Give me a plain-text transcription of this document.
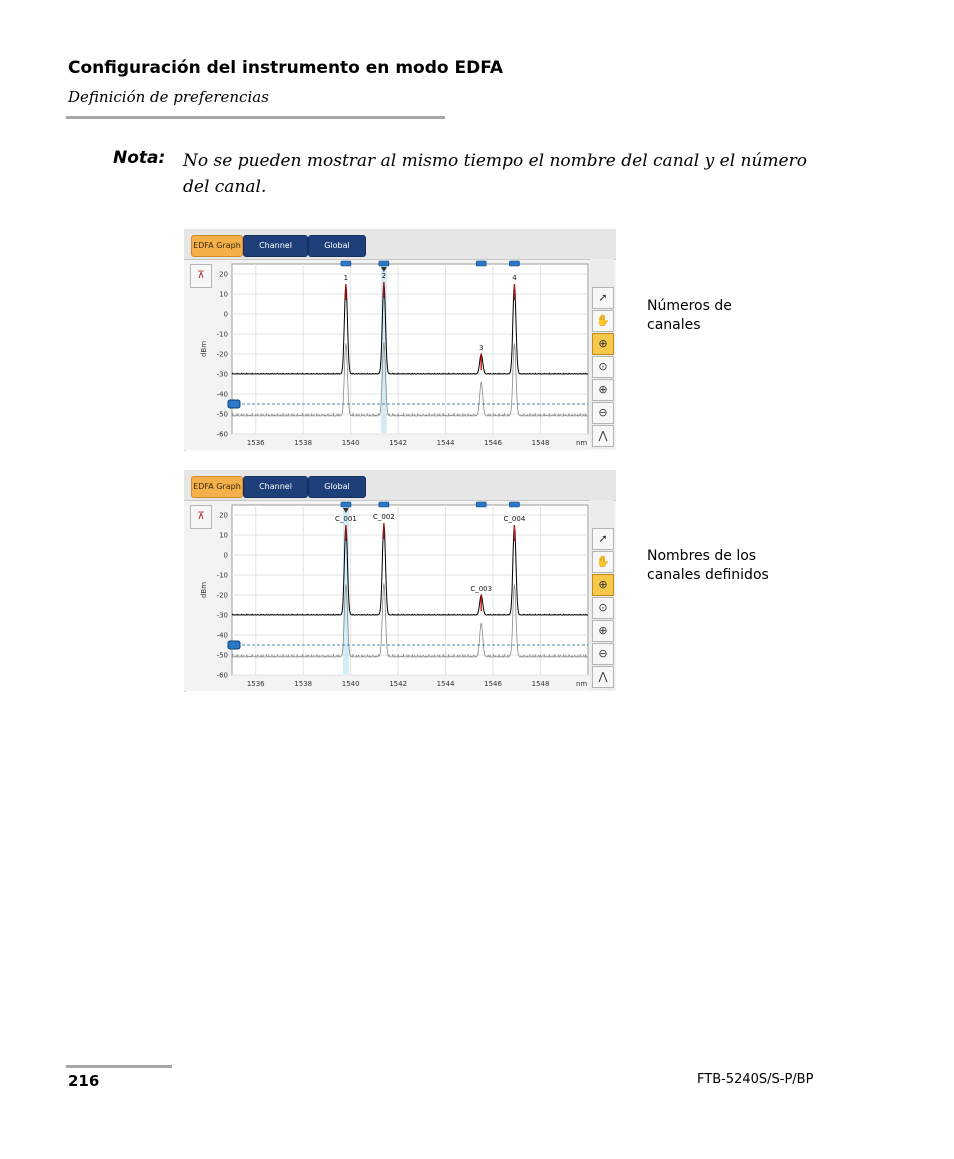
Configuración del instrumento en modo EDFA
Definición de preferencias
Nota: No se pueden mostrar al mismo tiempo el nombre del canal y el número del canal.
EDFA Graph	Channel	Global
⊼	20
10
0
-10
-20
-30
-40
-50
-60
1536	1538	1540	1542	1544	1546	1548	nm
dBm
1	2
3
4
➚
✋
⊕
⊙
⊕
⊖
⋀
Números de
canales
EDFA Graph	Channel	Global
⊼	20
10
0
-10
-20
-30
-40
-50
-60
1536	1538	1540	1542	1544	1546	1548	nm
dBm
C_001 C_002
C_003
C_004
➚
✋
⊕
⊙
⊕
⊖
⋀
Nombres de los
canales definidos
216	FTB-5240S/S-P/BP
